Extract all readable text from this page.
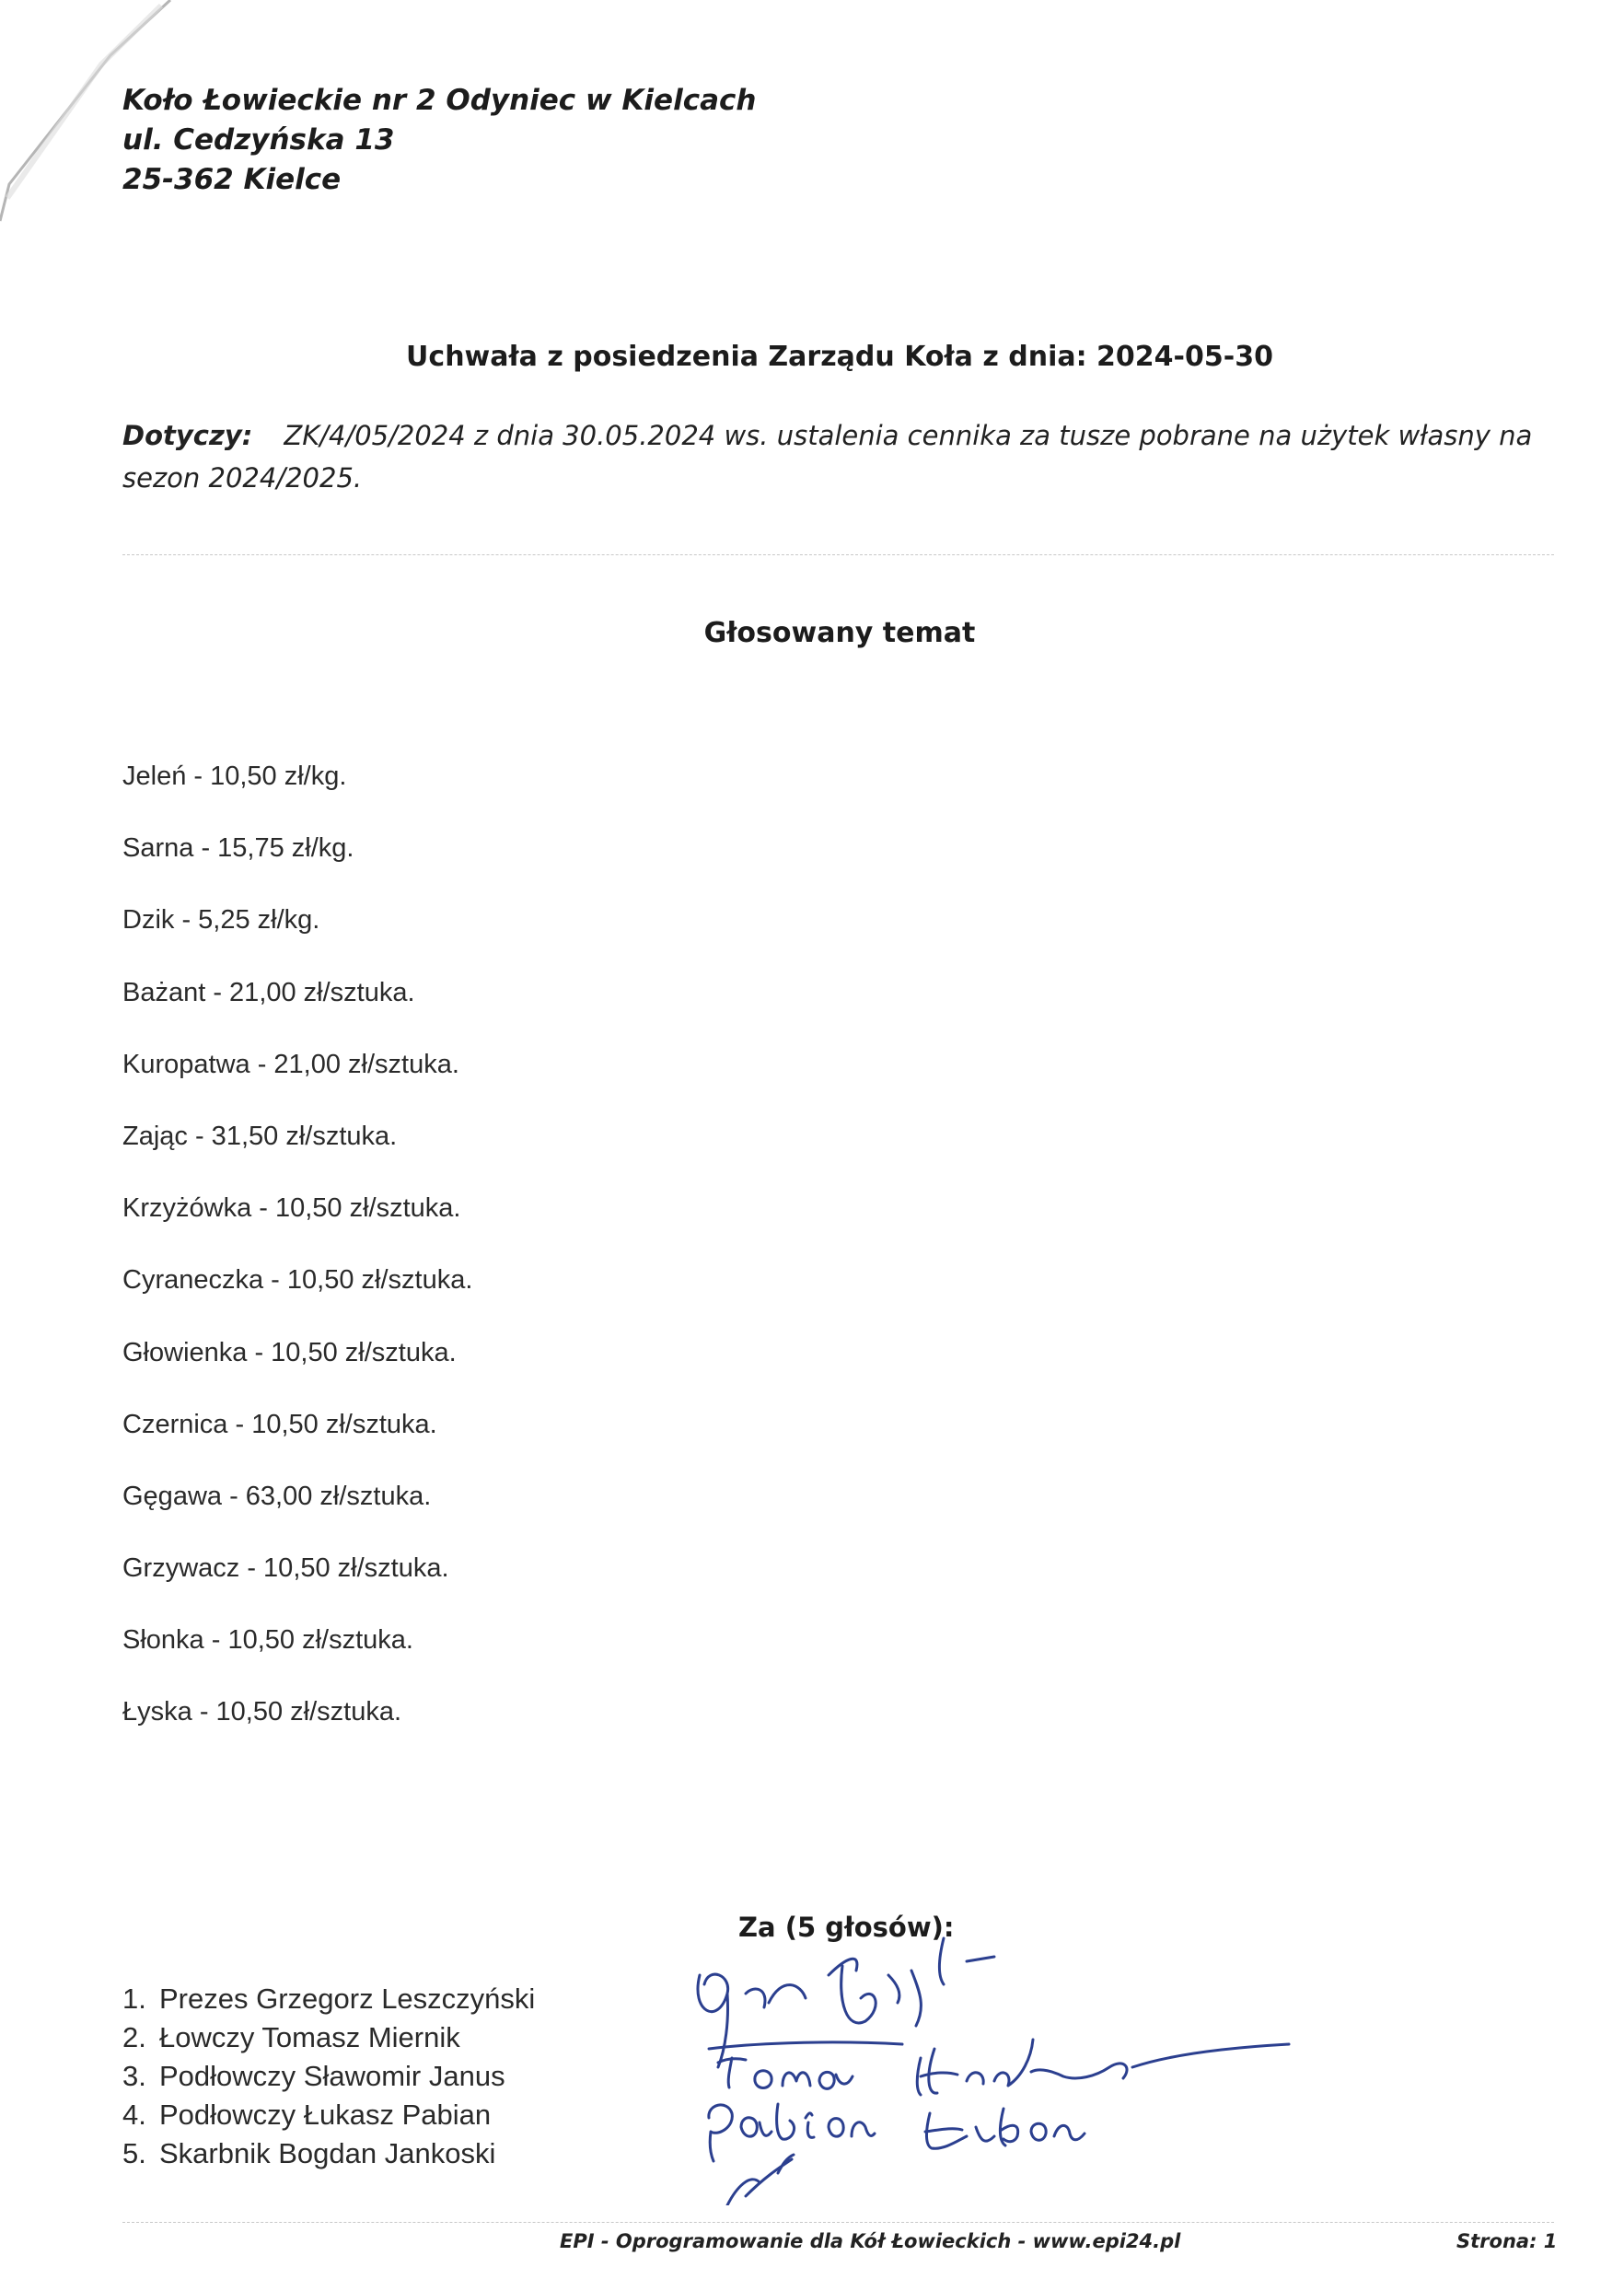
Koło Łowieckie nr 2 Odyniec w Kielcach
ul. Cedzyńska 13
25-362 Kielce
Uchwała z posiedzenia Zarządu Koła z dnia: 2024-05-30
Dotyczy: ZK/4/05/2024 z dnia 30.05.2024 ws. ustalenia cennika za tusze pobrane na użytek własny na sezon 2024/2025.
Głosowany temat
Jeleń - 10,50 zł/kg.
Sarna - 15,75 zł/kg.
Dzik - 5,25 zł/kg.
Bażant - 21,00 zł/sztuka.
Kuropatwa - 21,00 zł/sztuka.
Zając - 31,50 zł/sztuka.
Krzyżówka - 10,50 zł/sztuka.
Cyraneczka - 10,50 zł/sztuka.
Głowienka - 10,50 zł/sztuka.
Czernica - 10,50 zł/sztuka.
Gęgawa - 63,00 zł/sztuka.
Grzywacz - 10,50 zł/sztuka.
Słonka - 10,50 zł/sztuka.
Łyska - 10,50 zł/sztuka.
Za (5 głosów):
1. Prezes Grzegorz Leszczyński
2. Łowczy Tomasz Miernik
3. Podłowczy Sławomir Janus
4. Podłowczy Łukasz Pabian
5. Skarbnik Bogdan Jankoski
EPI - Oprogramowanie dla Kół Łowieckich - www.epi24.pl	Strona: 1
